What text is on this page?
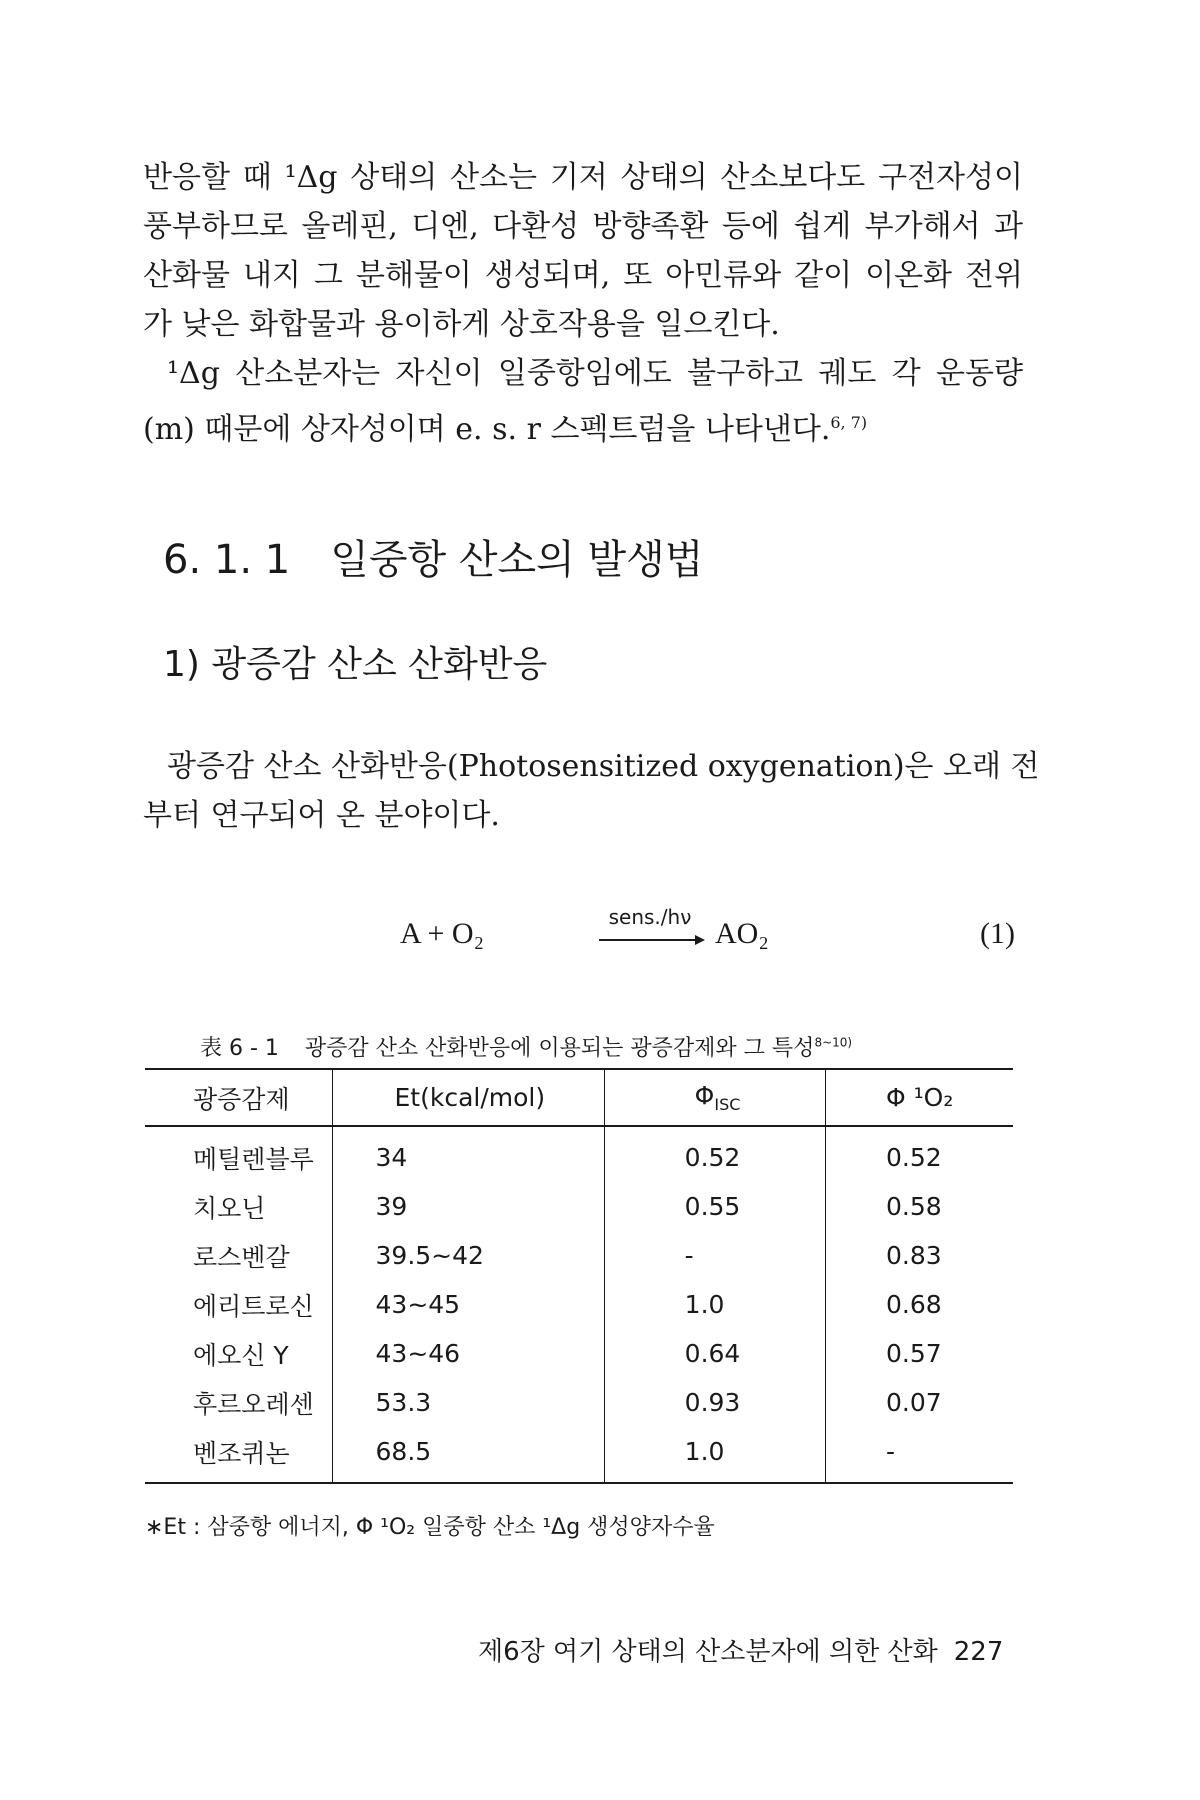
반응할 때 ¹Δg 상태의 산소는 기저 상태의 산소보다도 구전자성이
풍부하므로 올레핀, 디엔, 다환성 방향족환 등에 쉽게 부가해서 과
산화물 내지 그 분해물이 생성되며, 또 아민류와 같이 이온화 전위
가 낮은 화합물과 용이하게 상호작용을 일으킨다.
¹Δg 산소분자는 자신이 일중항임에도 불구하고 궤도 각 운동량
(m) 때문에 상자성이며 e. s. r 스펙트럼을 나타낸다.$^{6, 7)}$
6. 1. 1 일중항 산소의 발생법
1) 광증감 산소 산화반응
광증감 산소 산화반응(Photosensitized oxygenation)은 오래 전
부터 연구되어 온 분야이다.
A + O₂	sens./hν AO₂	(1)
表 6 - 1 광증감 산소 산화반응에 이용되는 광증감제와 그 특성$^{8\sim 10)}$
광증감제	Et(kcal/mol)	$\Phi_{ISC}$	Φ ¹O₂
메틸렌블루	34	0.52	0.52
치오닌	39	0.55	0.58
로스벤갈	39.5~42	-	0.83
에리트로신	43~45	1.0	0.68
에오신 Y	43~46	0.64	0.57
후르오레센	53.3	0.93	0.07
벤조퀴논	68.5	1.0	-
∗Et : 삼중항 에너지, Φ ¹O₂ 일중항 산소 ¹Δg 생성양자수율
제6장 여기 상태의 산소분자에 의한 산화 227
